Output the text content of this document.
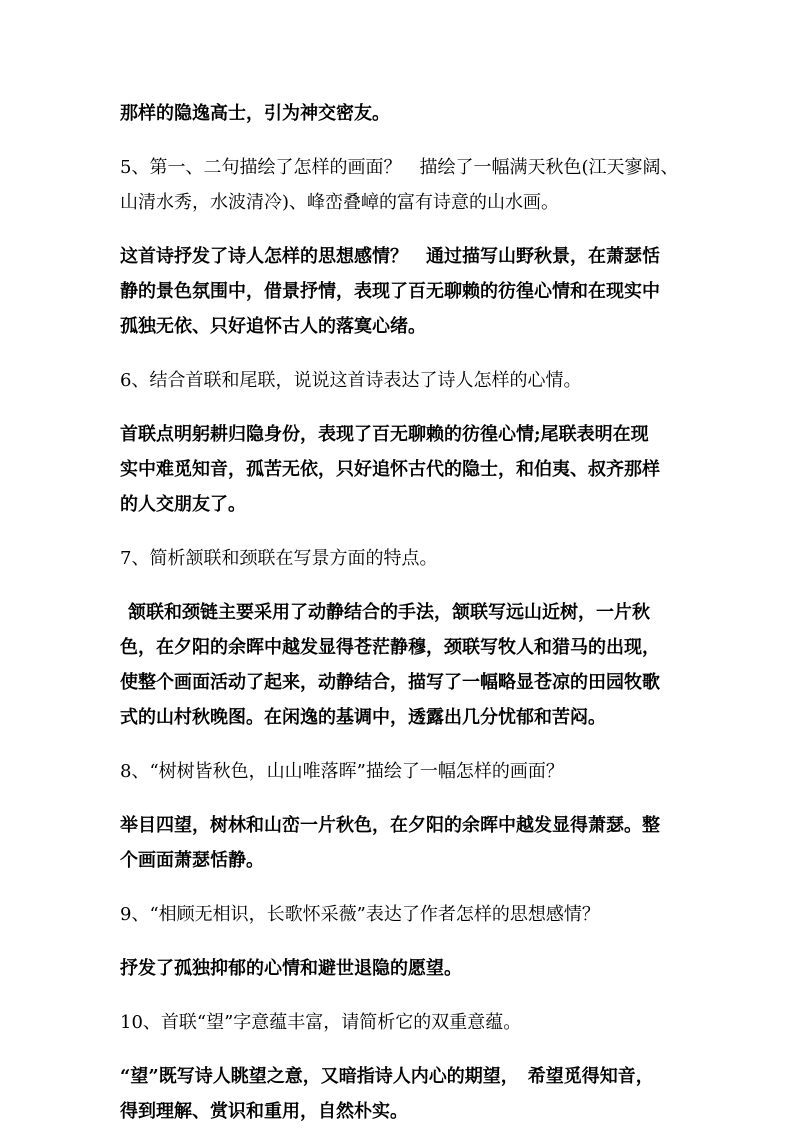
那样的隐逸高士，引为神交密友。
5、第一、二句描绘了怎样的画面？　描绘了一幅满天秋色(江天寥阔、
山清水秀，水波清冷)、峰峦叠嶂的富有诗意的山水画。
这首诗抒发了诗人怎样的思想感情？　通过描写山野秋景，在萧瑟恬
静的景色氛围中，借景抒情，表现了百无聊赖的彷徨心情和在现实中
孤独无依、只好追怀古人的落寞心绪。
6、结合首联和尾联，说说这首诗表达了诗人怎样的心情。
首联点明躬耕归隐身份，表现了百无聊赖的彷徨心情;尾联表明在现
实中难觅知音，孤苦无依，只好追怀古代的隐士，和伯夷、叔齐那样
的人交朋友了。
7、简析颔联和颈联在写景方面的特点。
颔联和颈链主要采用了动静结合的手法，颔联写远山近树，一片秋
色，在夕阳的余晖中越发显得苍茫静穆，颈联写牧人和猎马的出现，
使整个画面活动了起来，动静结合，描写了一幅略显苍凉的田园牧歌
式的山村秋晚图。在闲逸的基调中，透露出几分忧郁和苦闷。
8、“树树皆秋色，山山唯落晖”描绘了一幅怎样的画面？
举目四望，树林和山峦一片秋色，在夕阳的余晖中越发显得萧瑟。整
个画面萧瑟恬静。
9、“相顾无相识，长歌怀采薇”表达了作者怎样的思想感情？
抒发了孤独抑郁的心情和避世退隐的愿望。
10、首联“望”字意蕴丰富，请简析它的双重意蕴。
“望”既写诗人眺望之意，又暗指诗人内心的期望，　希望觅得知音，
得到理解、赏识和重用，自然朴实。
